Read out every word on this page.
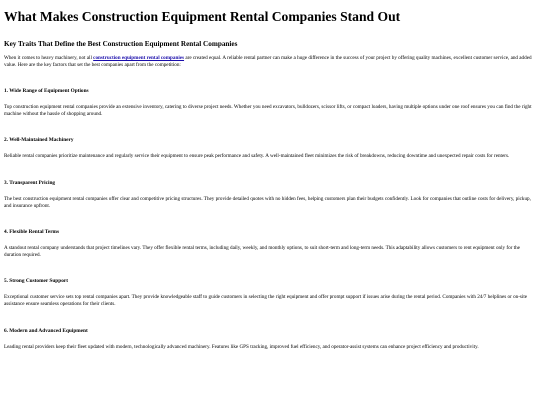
What Makes Construction Equipment Rental Companies Stand Out
Key Traits That Define the Best Construction Equipment Rental Companies

When it comes to heavy machinery, not all construction equipment rental companies are created equal. A reliable rental partner can make a huge difference in the success of your project by offering quality machines, excellent customer service, and added value. Here are the key factors that set the best companies apart from the competition:

1. Wide Range of Equipment Options

Top construction equipment rental companies provide an extensive inventory, catering to diverse project needs. Whether you need excavators, bulldozers, scissor lifts, or compact loaders, having multiple options under one roof ensures you can find the right machine without the hassle of shopping around.

2. Well-Maintained Machinery

Reliable rental companies prioritize maintenance and regularly service their equipment to ensure peak performance and safety. A well-maintained fleet minimizes the risk of breakdowns, reducing downtime and unexpected repair costs for renters.

3. Transparent Pricing

The best construction equipment rental companies offer clear and competitive pricing structures. They provide detailed quotes with no hidden fees, helping customers plan their budgets confidently. Look for companies that outline costs for delivery, pickup, and insurance upfront.

4. Flexible Rental Terms

A standout rental company understands that project timelines vary. They offer flexible rental terms, including daily, weekly, and monthly options, to suit short-term and long-term needs. This adaptability allows customers to rent equipment only for the duration required.

5. Strong Customer Support

Exceptional customer service sets top rental companies apart. They provide knowledgeable staff to guide customers in selecting the right equipment and offer prompt support if issues arise during the rental period. Companies with 24/7 helplines or on-site assistance ensure seamless operations for their clients.

6. Modern and Advanced Equipment

Leading rental providers keep their fleet updated with modern, technologically advanced machinery. Features like GPS tracking, improved fuel efficiency, and operator-assist systems can enhance project efficiency and productivity.
